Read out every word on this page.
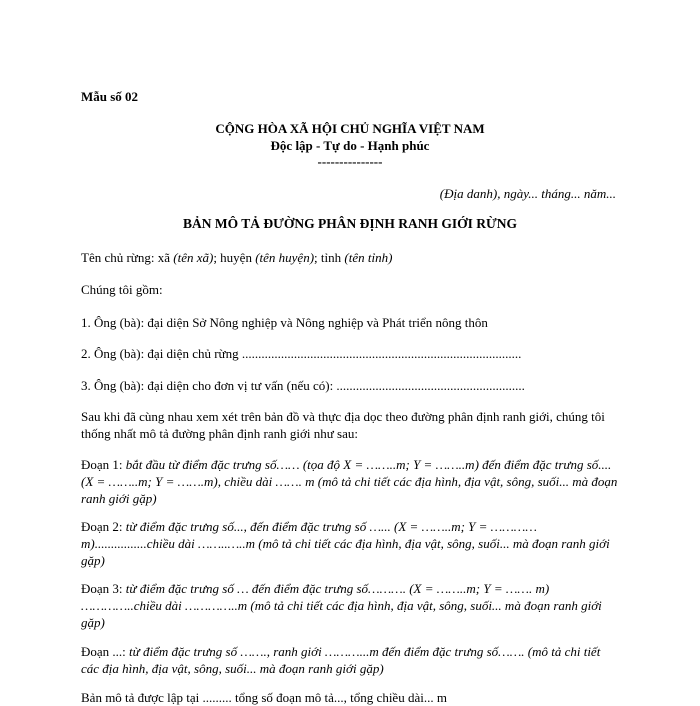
Mẫu số 02
CỘNG HÒA XÃ HỘI CHỦ NGHĨA VIỆT NAM
Độc lập - Tự do - Hạnh phúc
---------------
(Địa danh), ngày... tháng... năm...
BẢN MÔ TẢ ĐƯỜNG PHÂN ĐỊNH RANH GIỚI RỪNG
Tên chủ rừng: xã (tên xã); huyện (tên huyện); tỉnh (tên tỉnh)
Chúng tôi gồm:
1. Ông (bà): đại diện Sở Nông nghiệp và Nông nghiệp và Phát triển nông thôn
2. Ông (bà): đại diện chủ rừng ......................................................................................
3. Ông (bà): đại diện cho đơn vị tư vấn (nếu có): ..........................................................
Sau khi đã cùng nhau xem xét trên bản đồ và thực địa dọc theo đường phân định ranh giới, chúng tôi thống nhất mô tả đường phân định ranh giới như sau:
Đoạn 1: bắt đầu từ điểm đặc trưng số…… (tọa độ X = ……..m; Y = ……..m) đến điểm đặc trưng số....(X = ……..m; Y = …….m), chiều dài ……. m (mô tả chi tiết các địa hình, địa vật, sông, suối... mà đoạn ranh giới gặp)
Đoạn 2: từ điểm đặc trưng số..., đến điểm đặc trưng số …... (X = ……..m; Y = ………… m)................chiều dài ……..…..m (mô tả chi tiết các địa hình, địa vật, sông, suối... mà đoạn ranh giới gặp)
Đoạn 3: từ điểm đặc trưng số … đến điểm đặc trưng số………. (X = ……..m; Y = ……. m) …………..chiều dài …………..m (mô tả chi tiết các địa hình, địa vật, sông, suối... mà đoạn ranh giới gặp)
Đoạn ...: từ điểm đặc trưng số ……., ranh giới ………...m đến điểm đặc trưng số……. (mô tả chi tiết các địa hình, địa vật, sông, suối... mà đoạn ranh giới gặp)
Bản mô tả được lập tại ......... tổng số đoạn mô tả..., tổng chiều dài... m
